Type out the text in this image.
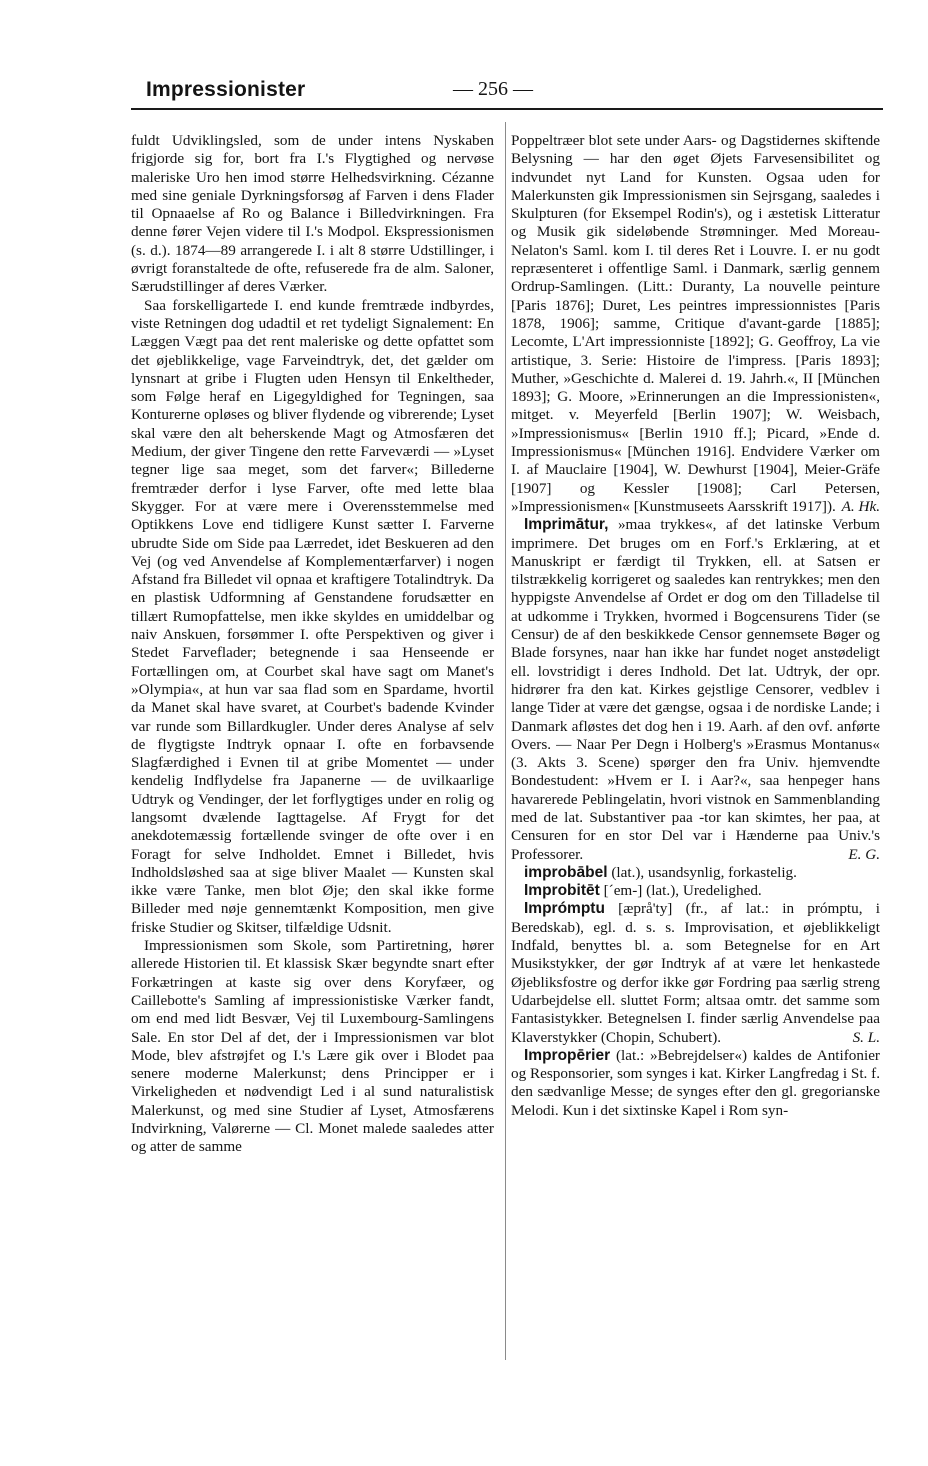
Impressionister	— 256 —

fuldt Udviklingsled, som de under intens Nyskaben frigjorde sig for, bort fra I.'s Flygtighed og nervøse maleriske Uro hen imod større Helhedsvirkning. Cézanne med sine geniale Dyrkningsforsøg af Farven i dens Flader til Opnaaelse af Ro og Balance i Billedvirkningen. Fra denne fører Vejen videre til I.'s Modpol. Ekspressionismen (s. d.). 1874—89 arrangerede I. i alt 8 større Udstillinger, i øvrigt foranstaltede de ofte, refuserede fra de alm. Saloner, Særudstillinger af deres Værker.

Saa forskelligartede I. end kunde fremtræde indbyrdes, viste Retningen dog udadtil et ret tydeligt Signalement: En Læggen Vægt paa det rent maleriske og dette opfattet som det øjeblikkelige, vage Farveindtryk, det, det gælder om lynsnart at gribe i Flugten uden Hensyn til Enkeltheder, som Følge heraf en Ligegyldighed for Tegningen, saa Konturerne opløses og bliver flydende og vibrerende; Lyset skal være den alt beherskende Magt og Atmosfæren det Medium, der giver Tingene den rette Farveværdi — »Lyset tegner lige saa meget, som det farver«; Billederne fremtræder derfor i lyse Farver, ofte med lette blaa Skygger. For at være mere i Overensstemmelse med Optikkens Love end tidligere Kunst sætter I. Farverne ubrudte Side om Side paa Lærredet, idet Beskueren ad den Vej (og ved Anvendelse af Komplementærfarver) i nogen Afstand fra Billedet vil opnaa et kraftigere Totalindtryk. Da en plastisk Udformning af Genstandene forudsætter en tillært Rumopfattelse, men ikke skyldes en umiddelbar og naiv Anskuen, forsømmer I. ofte Perspektiven og giver i Stedet Farveflader; betegnende i saa Henseende er Fortællingen om, at Courbet skal have sagt om Manet's »Olympia«, at hun var saa flad som en Spardame, hvortil da Manet skal have svaret, at Courbet's badende Kvinder var runde som Billardkugler. Under deres Analyse af selv de flygtigste Indtryk opnaar I. ofte en forbavsende Slagfærdighed i Evnen til at gribe Momentet — under kendelig Indflydelse fra Japanerne — de uvilkaarlige Udtryk og Vendinger, der let forflygtiges under en rolig og langsomt dvælende Iagttagelse. Af Frygt for det anekdotemæssig fortællende svinger de ofte over i en Foragt for selve Indholdet. Emnet i Billedet, hvis Indholdsløshed saa at sige bliver Maalet — Kunsten skal ikke være Tanke, men blot Øje; den skal ikke forme Billeder med nøje gennemtænkt Komposition, men give friske Studier og Skitser, tilfældige Udsnit.

Impressionismen som Skole, som Partiretning, hører allerede Historien til. Et klassisk Skær begyndte snart efter Forkætringen at kaste sig over dens Koryfæer, og Caillebotte's Samling af impressionistiske Værker fandt, om end med lidt Besvær, Vej til Luxembourg-Samlingens Sale. En stor Del af det, der i Impressionismen var blot Mode, blev afstrøjfet og I.'s Lære gik over i Blodet paa senere moderne Malerkunst; dens Principper er i Virkeligheden et nødvendigt Led i al sund naturalistisk Malerkunst, og med sine Studier af Lyset, Atmosfærens Indvirkning, Valørerne — Cl. Monet malede saaledes atter og atter de samme

Poppeltræer blot sete under Aars- og Dagstidernes skiftende Belysning — har den øget Øjets Farvesensibilitet og indvundet nyt Land for Kunsten. Ogsaa uden for Malerkunsten gik Impressionismen sin Sejrsgang, saaledes i Skulpturen (for Eksempel Rodin's), og i æstetisk Litteratur og Musik gik sideløbende Strømninger. Med Moreau-Nelaton's Saml. kom I. til deres Ret i Louvre. I. er nu godt repræsenteret i offentlige Saml. i Danmark, særlig gennem Ordrup-Samlingen. (Litt.: Duranty, La nouvelle peinture [Paris 1876]; Duret, Les peintres impressionnistes [Paris 1878, 1906]; samme, Critique d'avant-garde [1885]; Lecomte, L'Art impressionniste [1892]; G. Geoffroy, La vie artistique, 3. Serie: Histoire de l'impress. [Paris 1893]; Muther, »Geschichte d. Malerei d. 19. Jahrh.«, II [München 1893]; G. Moore, »Erinnerungen an die Impressionisten«, mitget. v. Meyerfeld [Berlin 1907]; W. Weisbach, »Impressionismus« [Berlin 1910 ff.]; Picard, »Ende d. Impressionismus« [München 1916]. Endvidere Værker om I. af Mauclaire [1904], W. Dewhurst [1904], Meier-Gräfe [1907] og Kessler [1908]; Carl Petersen, »Impressionismen« [Kunstmuseets Aarsskrift 1917]). A. Hk.

Imprimātur, »maa trykkes«, af det latinske Verbum imprimere. Det bruges om en Forf.'s Erklæring, at et Manuskript er færdigt til Trykken, ell. at Satsen er tilstrækkelig korrigeret og saaledes kan rentrykkes; men den hyppigste Anvendelse af Ordet er dog om den Tilladelse til at udkomme i Trykken, hvormed i Bogcensurens Tider (se Censur) de af den beskikkede Censor gennemsete Bøger og Blade forsynes, naar han ikke har fundet noget anstødeligt ell. lovstridigt i deres Indhold. Det lat. Udtryk, der opr. hidrører fra den kat. Kirkes gejstlige Censorer, vedblev i lange Tider at være det gængse, ogsaa i de nordiske Lande; i Danmark afløstes det dog hen i 19. Aarh. af den ovf. anførte Overs. — Naar Per Degn i Holberg's »Erasmus Montanus« (3. Akts 3. Scene) spørger den fra Univ. hjemvendte Bondestudent: »Hvem er I. i Aar?«, saa henpeger hans havarerede Peblingelatin, hvori vistnok en Sammenblanding med de lat. Substantiver paa -tor kan skimtes, her paa, at Censuren for en stor Del var i Hænderne paa Univ.'s Professorer.	E. G.

improbābel (lat.), usandsynlig, forkastelig.

Improbitēt [ˊem-] (lat.), Uredelighed.

Imprómptu [æprå'ty] (fr., af lat.: in prómptu, i Beredskab), egl. d. s. s. Improvisation, et øjeblikkeligt Indfald, benyttes bl. a. som Betegnelse for en Art Musikstykker, der gør Indtryk af at være let henkastede Øjebliksfostre og derfor ikke gør Fordring paa særlig streng Udarbejdelse ell. sluttet Form; altsaa omtr. det samme som Fantasistykker. Betegnelsen I. finder særlig Anvendelse paa Klaverstykker (Chopin, Schubert).	S. L.

Impropērier (lat.: »Bebrejdelser«) kaldes de Antifonier og Responsorier, som synges i kat. Kirker Langfredag i St. f. den sædvanlige Messe; de synges efter den gl. gregorianske Melodi. Kun i det sixtinske Kapel i Rom syn-
